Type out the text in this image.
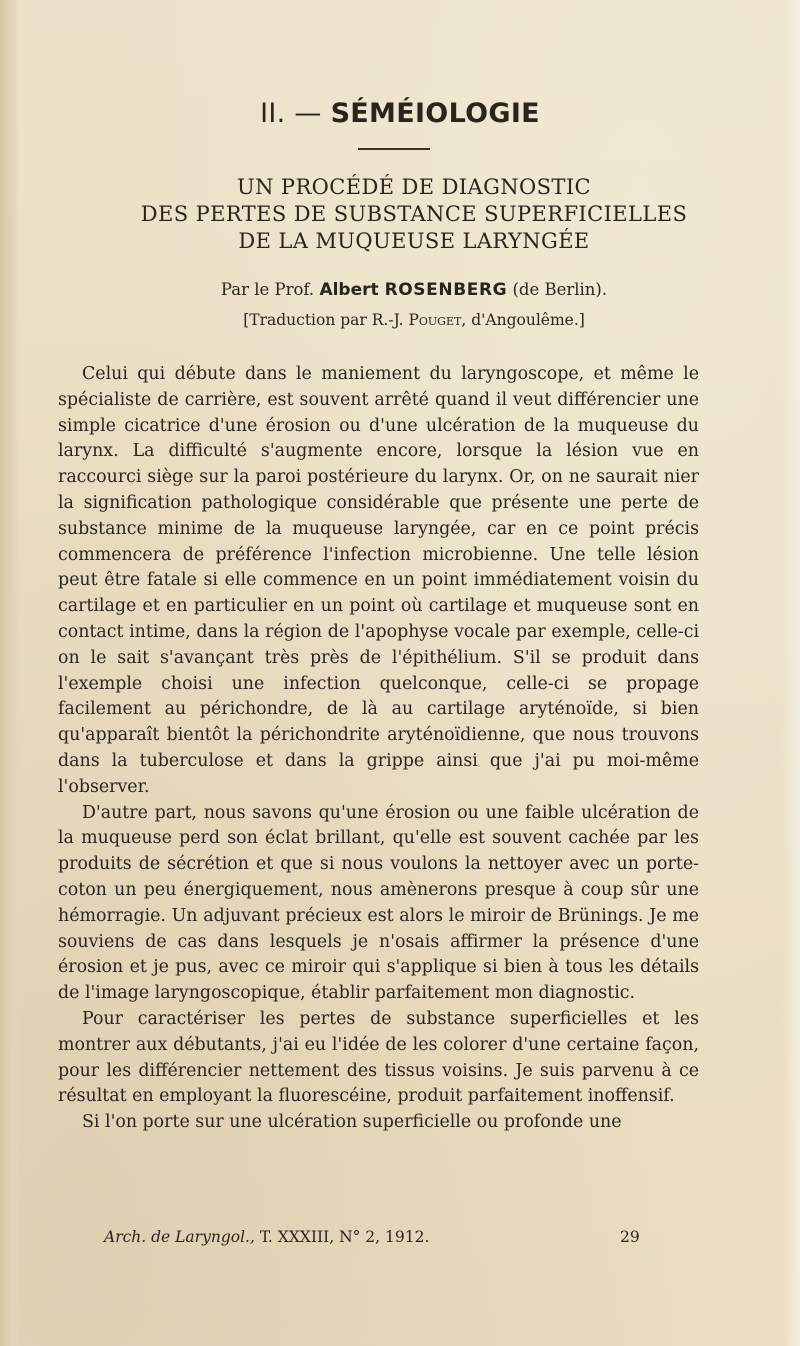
II. — SÉMÉIOLOGIE
UN PROCÉDÉ DE DIAGNOSTIC
DES PERTES DE SUBSTANCE SUPERFICIELLES
DE LA MUQUEUSE LARYNGÉE
Par le Prof. Albert ROSENBERG (de Berlin).
[Traduction par R.-J. Pouget, d'Angoulême.]

Celui qui débute dans le maniement du laryngoscope, et même le spécialiste de carrière, est souvent arrêté quand il veut différencier une simple cicatrice d'une érosion ou d'une ulcération de la muqueuse du larynx. La difficulté s'augmente encore, lorsque la lésion vue en raccourci siège sur la paroi postérieure du larynx. Or, on ne saurait nier la signification pathologique considérable que présente une perte de substance minime de la muqueuse laryngée, car en ce point précis commencera de préférence l'infection microbienne. Une telle lésion peut être fatale si elle commence en un point immédiatement voisin du cartilage et en particulier en un point où cartilage et muqueuse sont en contact intime, dans la région de l'apophyse vocale par exemple, celle-ci on le sait s'avançant très près de l'épithélium. S'il se produit dans l'exemple choisi une infection quelconque, celle-ci se propage facilement au périchondre, de là au cartilage aryténoïde, si bien qu'apparaît bientôt la périchondrite aryténoïdienne, que nous trouvons dans la tuberculose et dans la grippe ainsi que j'ai pu moi-même l'observer.

D'autre part, nous savons qu'une érosion ou une faible ulcération de la muqueuse perd son éclat brillant, qu'elle est souvent cachée par les produits de sécrétion et que si nous voulons la nettoyer avec un porte-coton un peu énergiquement, nous amènerons presque à coup sûr une hémorragie. Un adjuvant précieux est alors le miroir de Brünings. Je me souviens de cas dans lesquels je n'osais affirmer la présence d'une érosion et je pus, avec ce miroir qui s'applique si bien à tous les détails de l'image laryngoscopique, établir parfaitement mon diagnostic.

Pour caractériser les pertes de substance superficielles et les montrer aux débutants, j'ai eu l'idée de les colorer d'une certaine façon, pour les différencier nettement des tissus voisins. Je suis parvenu à ce résultat en employant la fluorescéine, produit parfaitement inoffensif.

Si l'on porte sur une ulcération superficielle ou profonde une

Arch. de Laryngol., T. XXXIII, N° 2, 1912.	29
